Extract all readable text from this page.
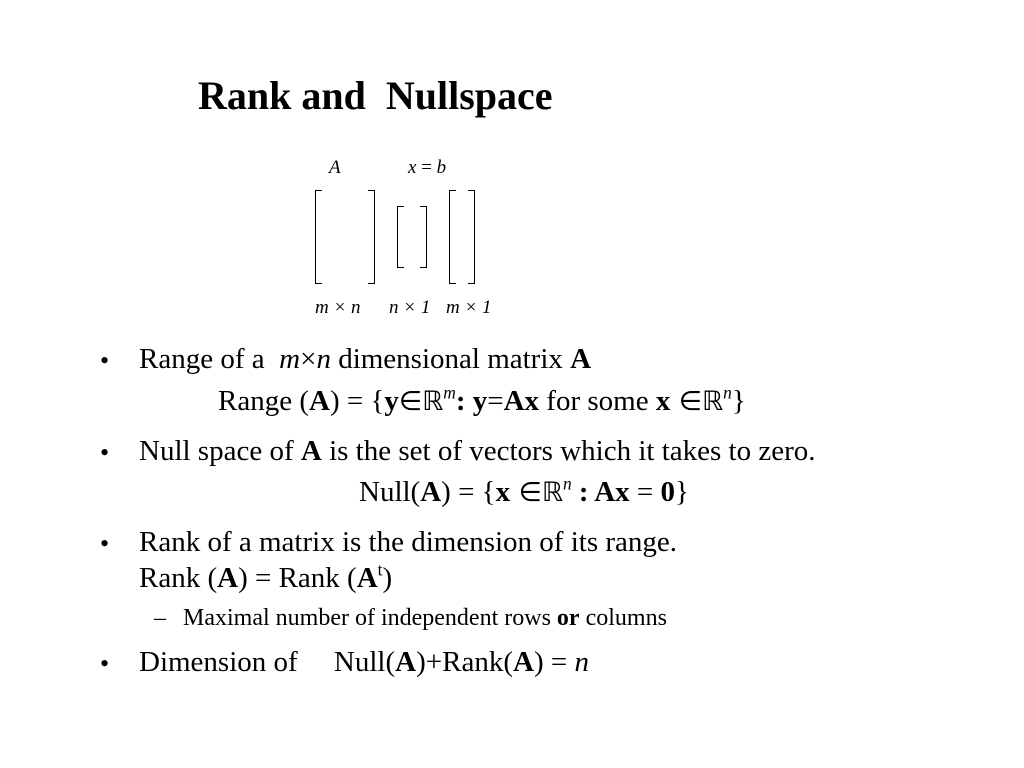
Rank and  Nullspace
A	x = b
m × n n × 1 m × 1
• Range of a  m×n dimensional matrix A
Range (A) = {y∈ℝ$^m$: y=Ax for some x ∈ℝ$^n$}
• Null space of A is the set of vectors which it takes to zero.
Null(A) = {x ∈ℝ$^n$ : Ax = 0}
• Rank of a matrix is the dimension of its range.
Rank (A) = Rank $(A^t)$
– Maximal number of independent rows or columns
• Dimension of     Null(A)+Rank(A) = n
